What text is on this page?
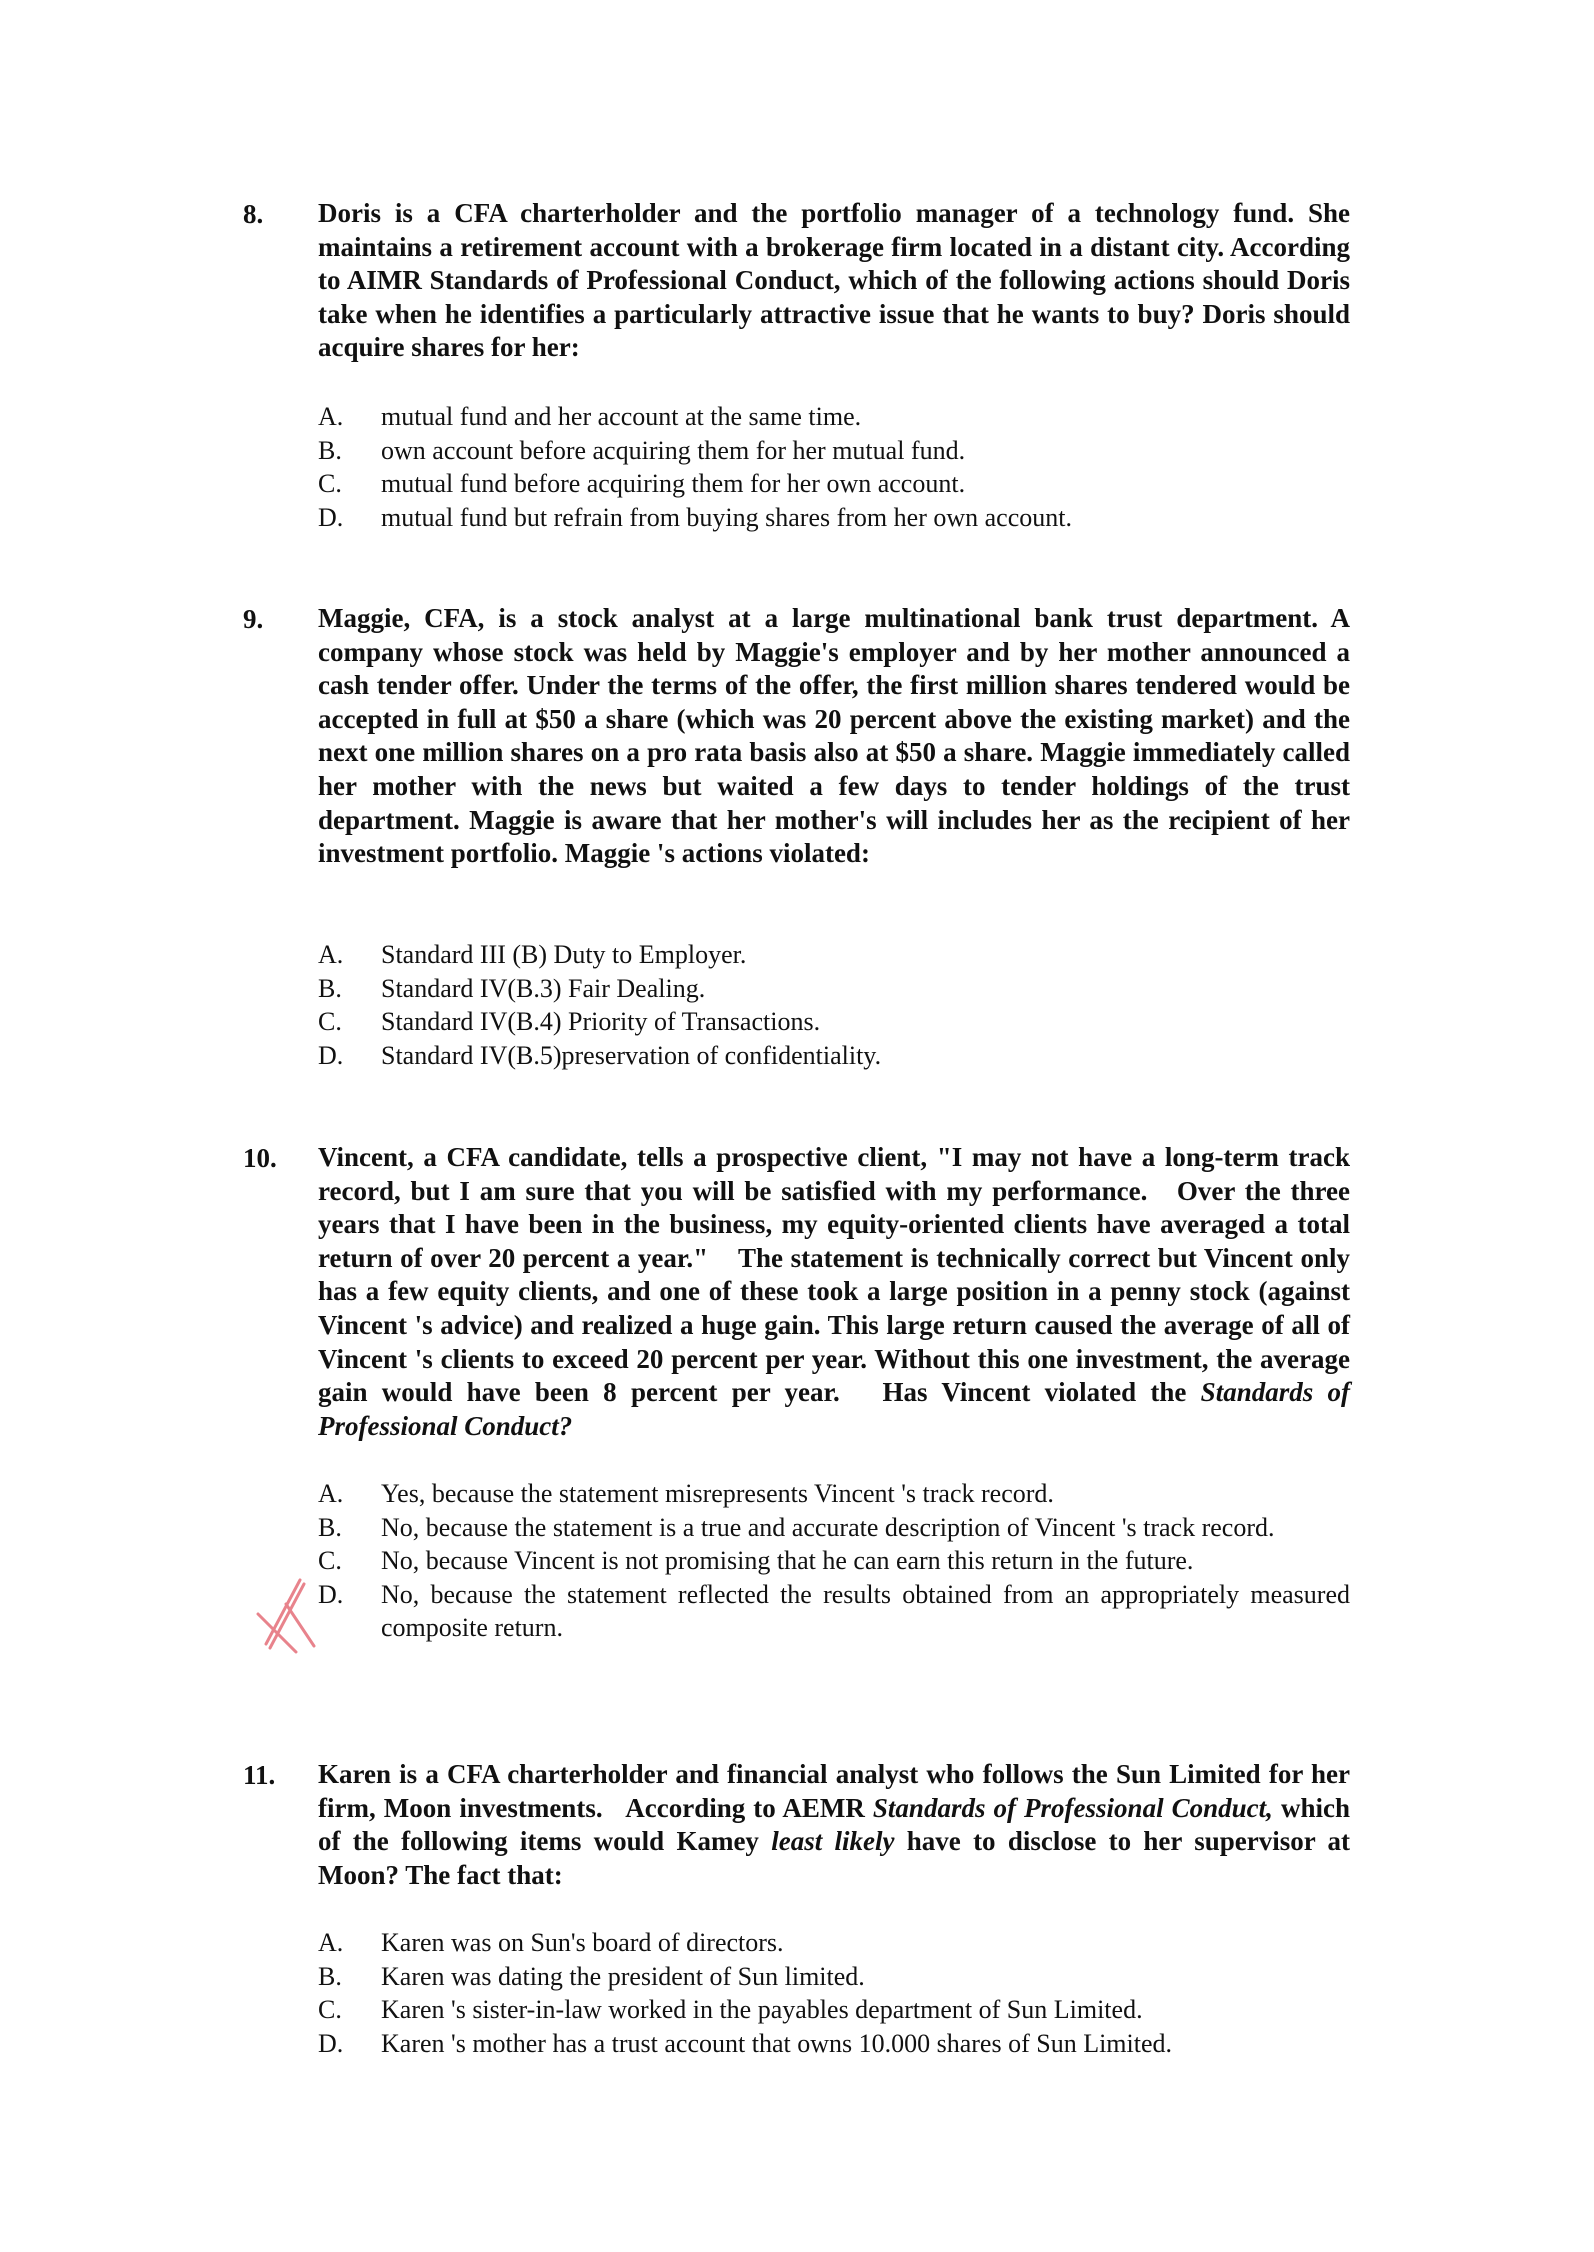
8.	Doris is a CFA charterholder and the portfolio manager of a technology fund. She maintains a retirement account with a brokerage firm located in a distant city. According to AIMR Standards of Professional Conduct, which of the following actions should Doris take when he identifies a particularly attractive issue that he wants to buy? Doris should acquire shares for her:
A.	mutual fund and her account at the same time.
B.	own account before acquiring them for her mutual fund.
C.	mutual fund before acquiring them for her own account.
D.	mutual fund but refrain from buying shares from her own account.
9.	Maggie, CFA, is a stock analyst at a large multinational bank trust department. A company whose stock was held by Maggie's employer and by her mother announced a cash tender offer. Under the terms of the offer, the first million shares tendered would be accepted in full at $50 a share (which was 20 percent above the existing market) and the next one million shares on a pro rata basis also at $50 a share. Maggie immediately called her mother with the news but waited a few days to tender holdings of the trust department. Maggie is aware that her mother's will includes her as the recipient of her investment portfolio. Maggie 's actions violated:
A.	Standard III (B) Duty to Employer.
B.	Standard IV(B.3) Fair Dealing.
C.	Standard IV(B.4) Priority of Transactions.
D.	Standard IV(B.5)preservation of confidentiality.
10.	Vincent, a CFA candidate, tells a prospective client, "I may not have a long-term track record, but I am sure that you will be satisfied with my performance.   Over the three years that I have been in the business, my equity-oriented clients have averaged a total return of over 20 percent a year."    The statement is technically correct but Vincent only has a few equity clients, and one of these took a large position in a penny stock (against Vincent 's advice) and realized a huge gain. This large return caused the average of all of Vincent 's clients to exceed 20 percent per year. Without this one investment, the average gain would have been 8 percent per year.   Has Vincent violated the Standards of Professional Conduct?
A.	Yes, because the statement misrepresents Vincent 's track record.
B.	No, because the statement is a true and accurate description of Vincent 's track record.
C.	No, because Vincent is not promising that he can earn this return in the future.
D.	No, because the statement reflected the results obtained from an appropriately measured composite return.
11.	Karen is a CFA charterholder and financial analyst who follows the Sun Limited for her firm, Moon investments.   According to AEMR Standards of Professional Conduct, which of the following items would Kamey least likely have to disclose to her supervisor at Moon? The fact that:
A.	Karen was on Sun's board of directors.
B.	Karen was dating the president of Sun limited.
C.	Karen 's sister-in-law worked in the payables department of Sun Limited.
D.	Karen 's mother has a trust account that owns 10.000 shares of Sun Limited.
